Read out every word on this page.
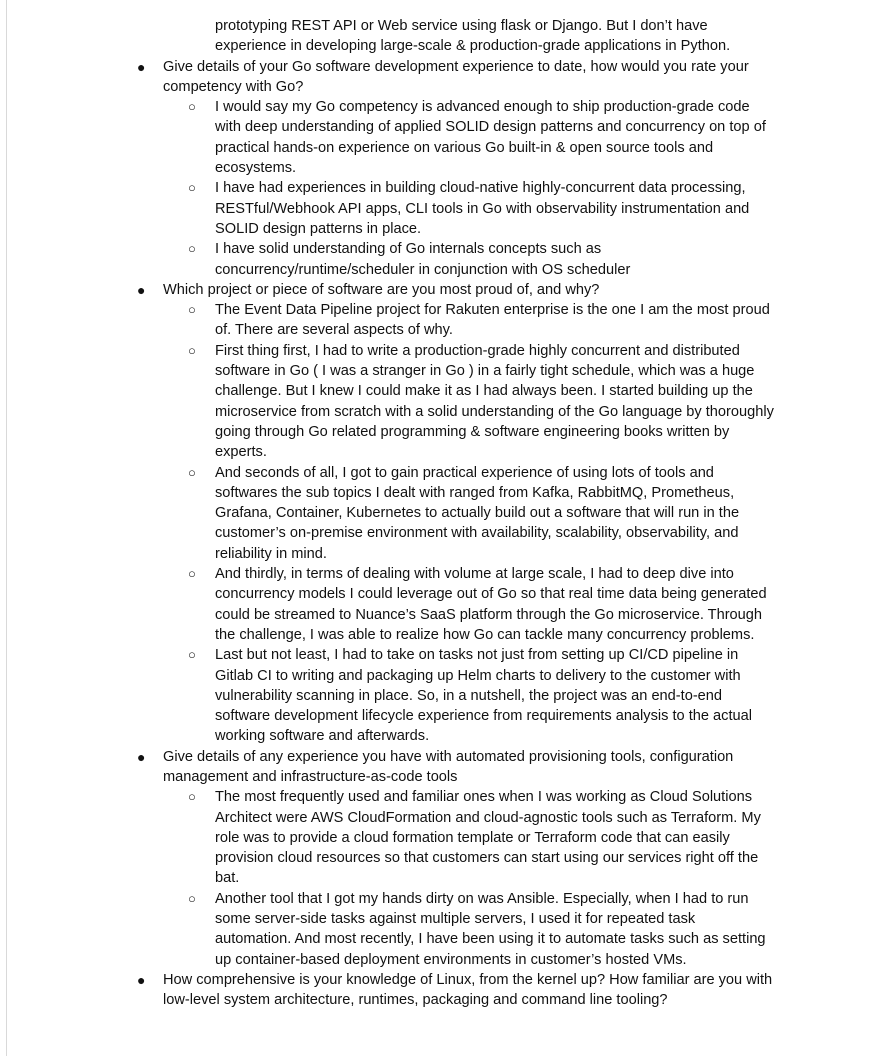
prototyping REST API or Web service using flask or Django. But I don’t have experience in developing large-scale & production-grade applications in Python.

● Give details of your Go software development experience to date, how would you rate your competency with Go?
○ I would say my Go competency is advanced enough to ship production-grade code with deep understanding of applied SOLID design patterns and concurrency on top of practical hands-on experience on various Go built-in & open source tools and ecosystems.
○ I have had experiences in building cloud-native highly-concurrent data processing, RESTful/Webhook API apps, CLI tools in Go with observability instrumentation and SOLID design patterns in place.
○ I have solid understanding of Go internals concepts such as concurrency/runtime/scheduler in conjunction with OS scheduler
● Which project or piece of software are you most proud of, and why?
○ The Event Data Pipeline project for Rakuten enterprise is the one I am the most proud of. There are several aspects of why.
○ First thing first, I had to write a production-grade highly concurrent and distributed software in Go ( I was a stranger in Go ) in a fairly tight schedule, which was a huge challenge. But I knew I could make it as I had always been. I started building up the microservice from scratch with a solid understanding of the Go language by thoroughly going through Go related programming & software engineering books written by experts.
○ And seconds of all, I got to gain practical experience of using lots of tools and softwares the sub topics I dealt with ranged from Kafka, RabbitMQ, Prometheus, Grafana, Container, Kubernetes to actually build out a software that will run in the customer’s on-premise environment with availability, scalability, observability, and reliability in mind.
○ And thirdly, in terms of dealing with volume at large scale, I had to deep dive into concurrency models I could leverage out of Go so that real time data being generated could be streamed to Nuance’s SaaS platform through the Go microservice. Through the challenge, I was able to realize how Go can tackle many concurrency problems.
○ Last but not least, I had to take on tasks not just from setting up CI/CD pipeline in Gitlab CI to writing and packaging up Helm charts to delivery to the customer with vulnerability scanning in place. So, in a nutshell, the project was an end-to-end software development lifecycle experience from requirements analysis to the actual working software and afterwards.
● Give details of any experience you have with automated provisioning tools, configuration management and infrastructure-as-code tools
○ The most frequently used and familiar ones when I was working as Cloud Solutions Architect were AWS CloudFormation and cloud-agnostic tools such as Terraform. My role was to provide a cloud formation template or Terraform code that can easily provision cloud resources so that customers can start using our services right off the bat.
○ Another tool that I got my hands dirty on was Ansible. Especially, when I had to run some server-side tasks against multiple servers, I used it for repeated task automation. And most recently, I have been using it to automate tasks such as setting up container-based deployment environments in customer’s hosted VMs.
● How comprehensive is your knowledge of Linux, from the kernel up? How familiar are you with low-level system architecture, runtimes, packaging and command line tooling?
